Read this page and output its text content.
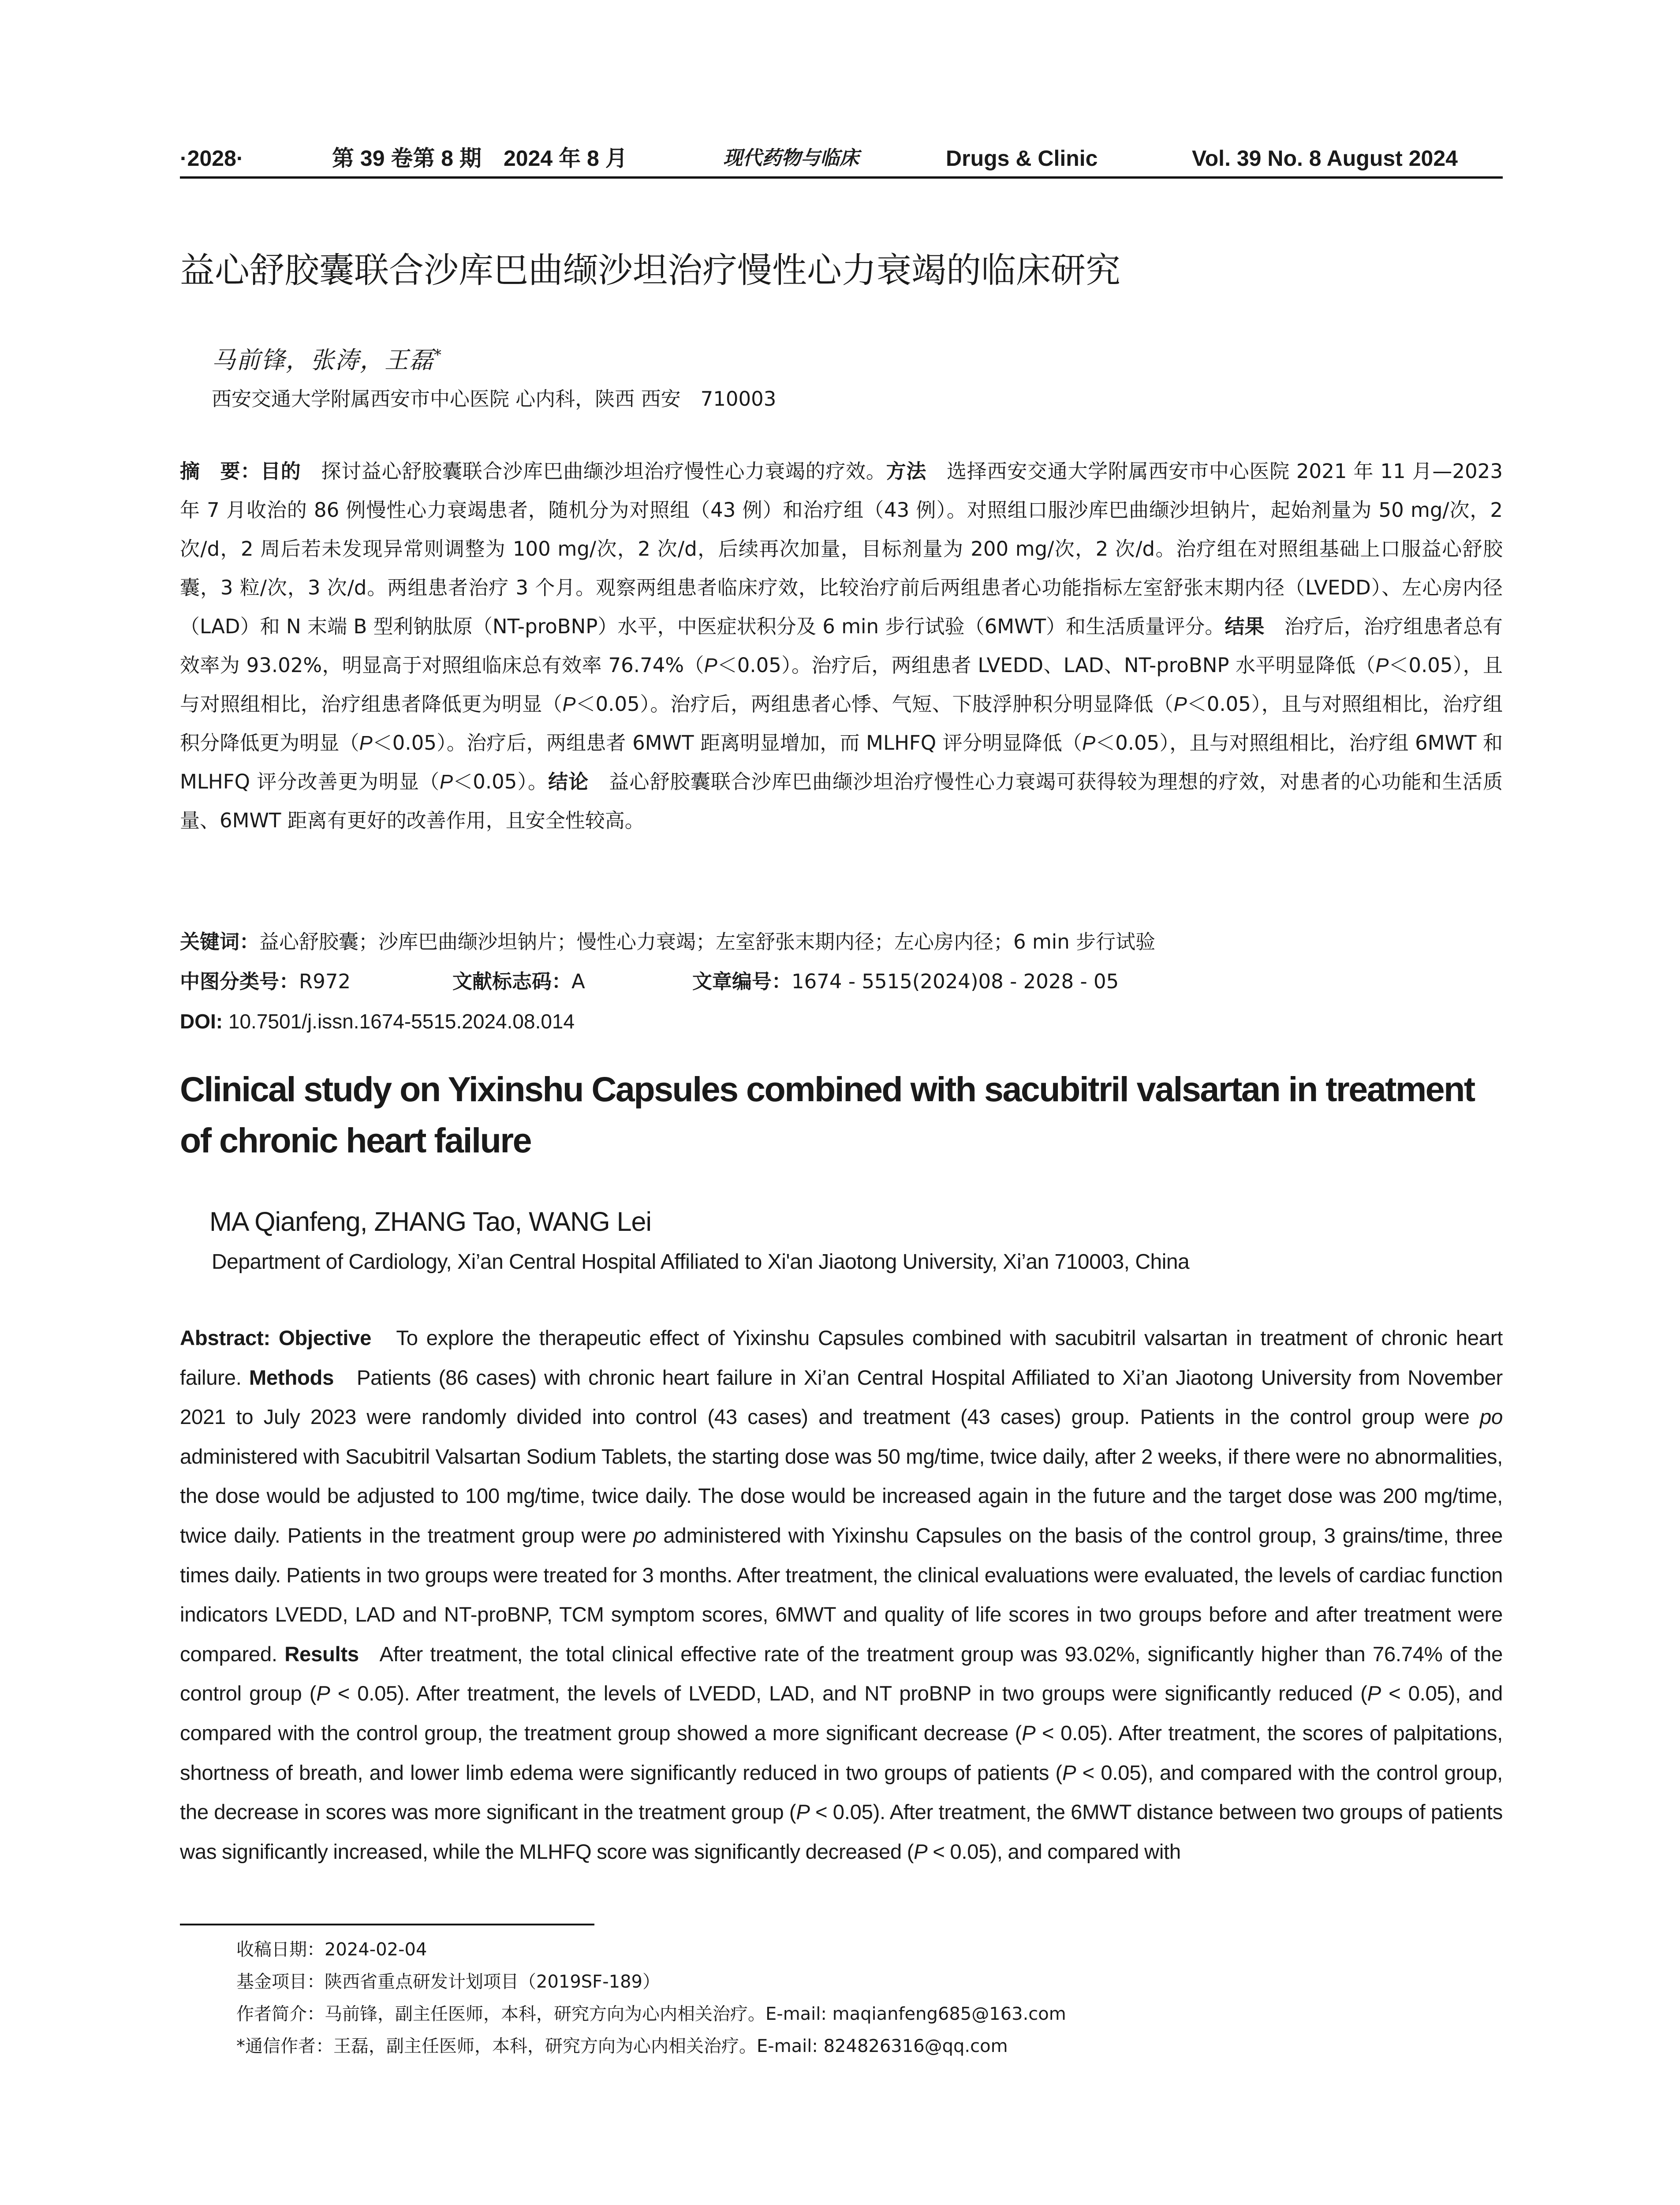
·2028·	第 39 卷第 8 期　2024 年 8 月	现代药物与临床	Drugs & Clinic	Vol. 39 No. 8 August 2024
益心舒胶囊联合沙库巴曲缬沙坦治疗慢性心力衰竭的临床研究

马前锋，张涛，王磊*

西安交通大学附属西安市中心医院 心内科，陕西 西安　710003

摘　要：目的　 探讨益心舒胶囊联合沙库巴曲缬沙坦治疗慢性心力衰竭的疗效。方法　 选择西安交通大学附属西安市中心医院 2021 年 11 月—2023 年 7 月收治的 86 例慢性心力衰竭患者，随机分为对照组（43 例）和治疗组（43 例）。对照组口服沙库巴曲缬沙坦钠片，起始剂量为 50 mg/次，2 次/d，2 周后若未发现异常则调整为 100 mg/次，2 次/d，后续再次加量，目标剂量为 200 mg/次，2 次/d。治疗组在对照组基础上口服益心舒胶囊，3 粒/次，3 次/d。两组患者治疗 3 个月。观察两组患者临床疗效，比较治疗前后两组患者心功能指标左室舒张末期内径（LVEDD）、左心房内径（LAD）和 N 末端 B 型利钠肽原（NT-proBNP）水平，中医症状积分及 6 min 步行试验（6MWT）和生活质量评分。结果　 治疗后，治疗组患者总有效率为 93.02%，明显高于对照组临床总有效率 76.74%（P＜0.05）。治疗后，两组患者 LVEDD、LAD、NT-proBNP 水平明显降低（P＜0.05），且与对照组相比，治疗组患者降低更为明显（P＜0.05）。治疗后，两组患者心悸、气短、下肢浮肿积分明显降低（P＜0.05），且与对照组相比，治疗组积分降低更为明显（P＜0.05）。治疗后，两组患者 6MWT 距离明显增加，而 MLHFQ 评分明显降低（P＜0.05），且与对照组相比，治疗组 6MWT 和 MLHFQ 评分改善更为明显（P＜0.05）。结论　 益心舒胶囊联合沙库巴曲缬沙坦治疗慢性心力衰竭可获得较为理想的疗效，对患者的心功能和生活质量、6MWT 距离有更好的改善作用，且安全性较高。

关键词：益心舒胶囊；沙库巴曲缬沙坦钠片；慢性心力衰竭；左室舒张末期内径；左心房内径；6 min 步行试验

中图分类号：R972	文献标志码：A	文章编号：1674 - 5515(2024)08 - 2028 - 05

DOI: 10.7501/j.issn.1674-5515.2024.08.014

Clinical study on Yixinshu Capsules combined with sacubitril valsartan in treatment of chronic heart failure

MA Qianfeng, ZHANG Tao, WANG Lei

Department of Cardiology, Xi’an Central Hospital Affiliated to Xi'an Jiaotong University, Xi’an 710003, China

Abstract: Objective To explore the therapeutic effect of Yixinshu Capsules combined with sacubitril valsartan in treatment of chronic heart failure. Methods Patients (86 cases) with chronic heart failure in Xi’an Central Hospital Affiliated to Xi’an Jiaotong University from November 2021 to July 2023 were randomly divided into control (43 cases) and treatment (43 cases) group. Patients in the control group were po administered with Sacubitril Valsartan Sodium Tablets, the starting dose was 50 mg/time, twice daily, after 2 weeks, if there were no abnormalities, the dose would be adjusted to 100 mg/time, twice daily. The dose would be increased again in the future and the target dose was 200 mg/time, twice daily. Patients in the treatment group were po administered with Yixinshu Capsules on the basis of the control group, 3 grains/time, three times daily. Patients in two groups were treated for 3 months. After treatment, the clinical evaluations were evaluated, the levels of cardiac function indicators LVEDD, LAD and NT-proBNP, TCM symptom scores, 6MWT and quality of life scores in two groups before and after treatment were compared. Results After treatment, the total clinical effective rate of the treatment group was 93.02%, significantly higher than 76.74% of the control group (P < 0.05). After treatment, the levels of LVEDD, LAD, and NT proBNP in two groups were significantly reduced (P < 0.05), and compared with the control group, the treatment group showed a more significant decrease (P < 0.05). After treatment, the scores of palpitations, shortness of breath, and lower limb edema were significantly reduced in two groups of patients (P < 0.05), and compared with the control group, the decrease in scores was more significant in the treatment group (P < 0.05). After treatment, the 6MWT distance between two groups of patients was significantly increased, while the MLHFQ score was significantly decreased (P < 0.05), and compared with

收稿日期：2024-02-04
基金项目：陕西省重点研发计划项目（2019SF-189）
作者简介：马前锋，副主任医师，本科，研究方向为心内相关治疗。E-mail: maqianfeng685@163.com
*通信作者：王磊，副主任医师，本科，研究方向为心内相关治疗。E-mail: 824826316@qq.com
